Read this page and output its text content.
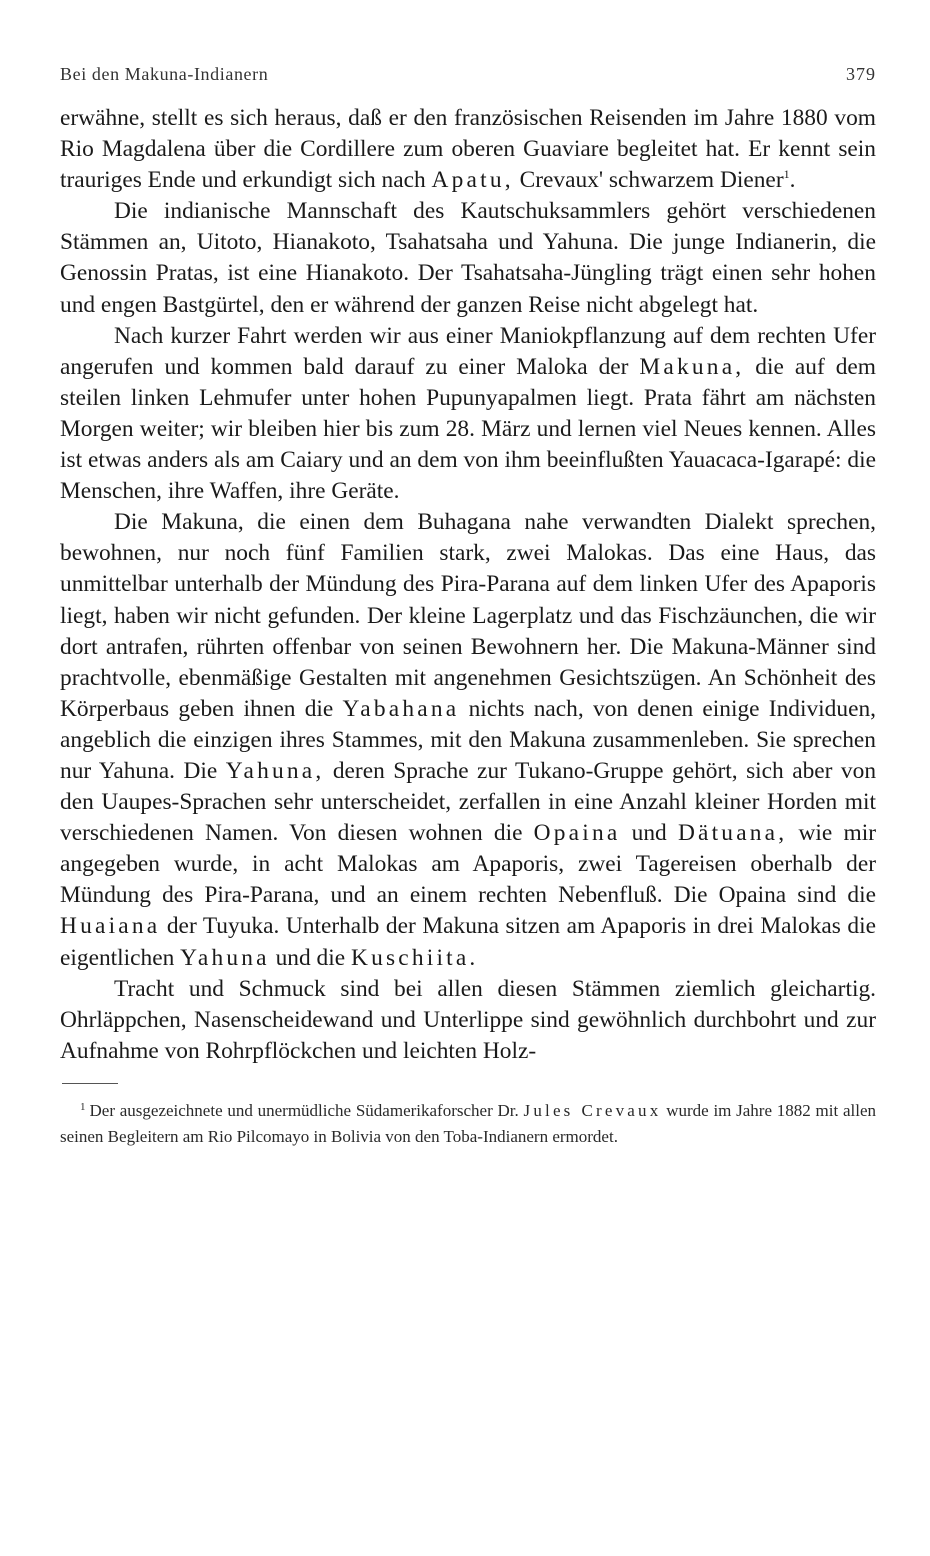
Bei den Makuna-Indianern	379

erwähne, stellt es sich heraus, daß er den französischen Reisenden im Jahre 1880 vom Rio Magdalena über die Cordillere zum oberen Guaviare begleitet hat. Er kennt sein trauriges Ende und erkundigt sich nach Apatu, Crevaux' schwarzem Diener$^1$.

Die indianische Mannschaft des Kautschuksammlers gehört verschiedenen Stämmen an, Uitoto, Hianakoto, Tsahatsaha und Yahuna. Die junge Indianerin, die Genossin Pratas, ist eine Hianakoto. Der Tsahatsaha-Jüngling trägt einen sehr hohen und engen Bastgürtel, den er während der ganzen Reise nicht abgelegt hat.

Nach kurzer Fahrt werden wir aus einer Maniokpflanzung auf dem rechten Ufer angerufen und kommen bald darauf zu einer Maloka der Makuna, die auf dem steilen linken Lehmufer unter hohen Pupunyapalmen liegt. Prata fährt am nächsten Morgen weiter; wir bleiben hier bis zum 28. März und lernen viel Neues kennen. Alles ist etwas anders als am Caiary und an dem von ihm beeinflußten Yauacaca-Igarapé: die Menschen, ihre Waffen, ihre Geräte.

Die Makuna, die einen dem Buhagana nahe verwandten Dialekt sprechen, bewohnen, nur noch fünf Familien stark, zwei Malokas. Das eine Haus, das unmittelbar unterhalb der Mündung des Pira-Parana auf dem linken Ufer des Apaporis liegt, haben wir nicht gefunden. Der kleine Lagerplatz und das Fischzäunchen, die wir dort antrafen, rührten offenbar von seinen Bewohnern her. Die Makuna-Männer sind prachtvolle, ebenmäßige Gestalten mit angenehmen Gesichtszügen. An Schönheit des Körperbaus geben ihnen die Yabahana nichts nach, von denen einige Individuen, angeblich die einzigen ihres Stammes, mit den Makuna zusammenleben. Sie sprechen nur Yahuna. Die Yahuna, deren Sprache zur Tukano-Gruppe gehört, sich aber von den Uaupes-Sprachen sehr unterscheidet, zerfallen in eine Anzahl kleiner Horden mit verschiedenen Namen. Von diesen wohnen die Opaina und Dätuana, wie mir angegeben wurde, in acht Malokas am Apaporis, zwei Tagereisen oberhalb der Mündung des Pira-Parana, und an einem rechten Nebenfluß. Die Opaina sind die Huaiana der Tuyuka. Unterhalb der Makuna sitzen am Apaporis in drei Malokas die eigentlichen Yahuna und die Kuschiita.

Tracht und Schmuck sind bei allen diesen Stämmen ziemlich gleichartig. Ohrläppchen, Nasenscheidewand und Unterlippe sind gewöhnlich durchbohrt und zur Aufnahme von Rohrpflöckchen und leichten Holz-

$^1$ Der ausgezeichnete und unermüdliche Südamerikaforscher Dr. Jules Crevaux wurde im Jahre 1882 mit allen seinen Begleitern am Rio Pilcomayo in Bolivia von den Toba-Indianern ermordet.
